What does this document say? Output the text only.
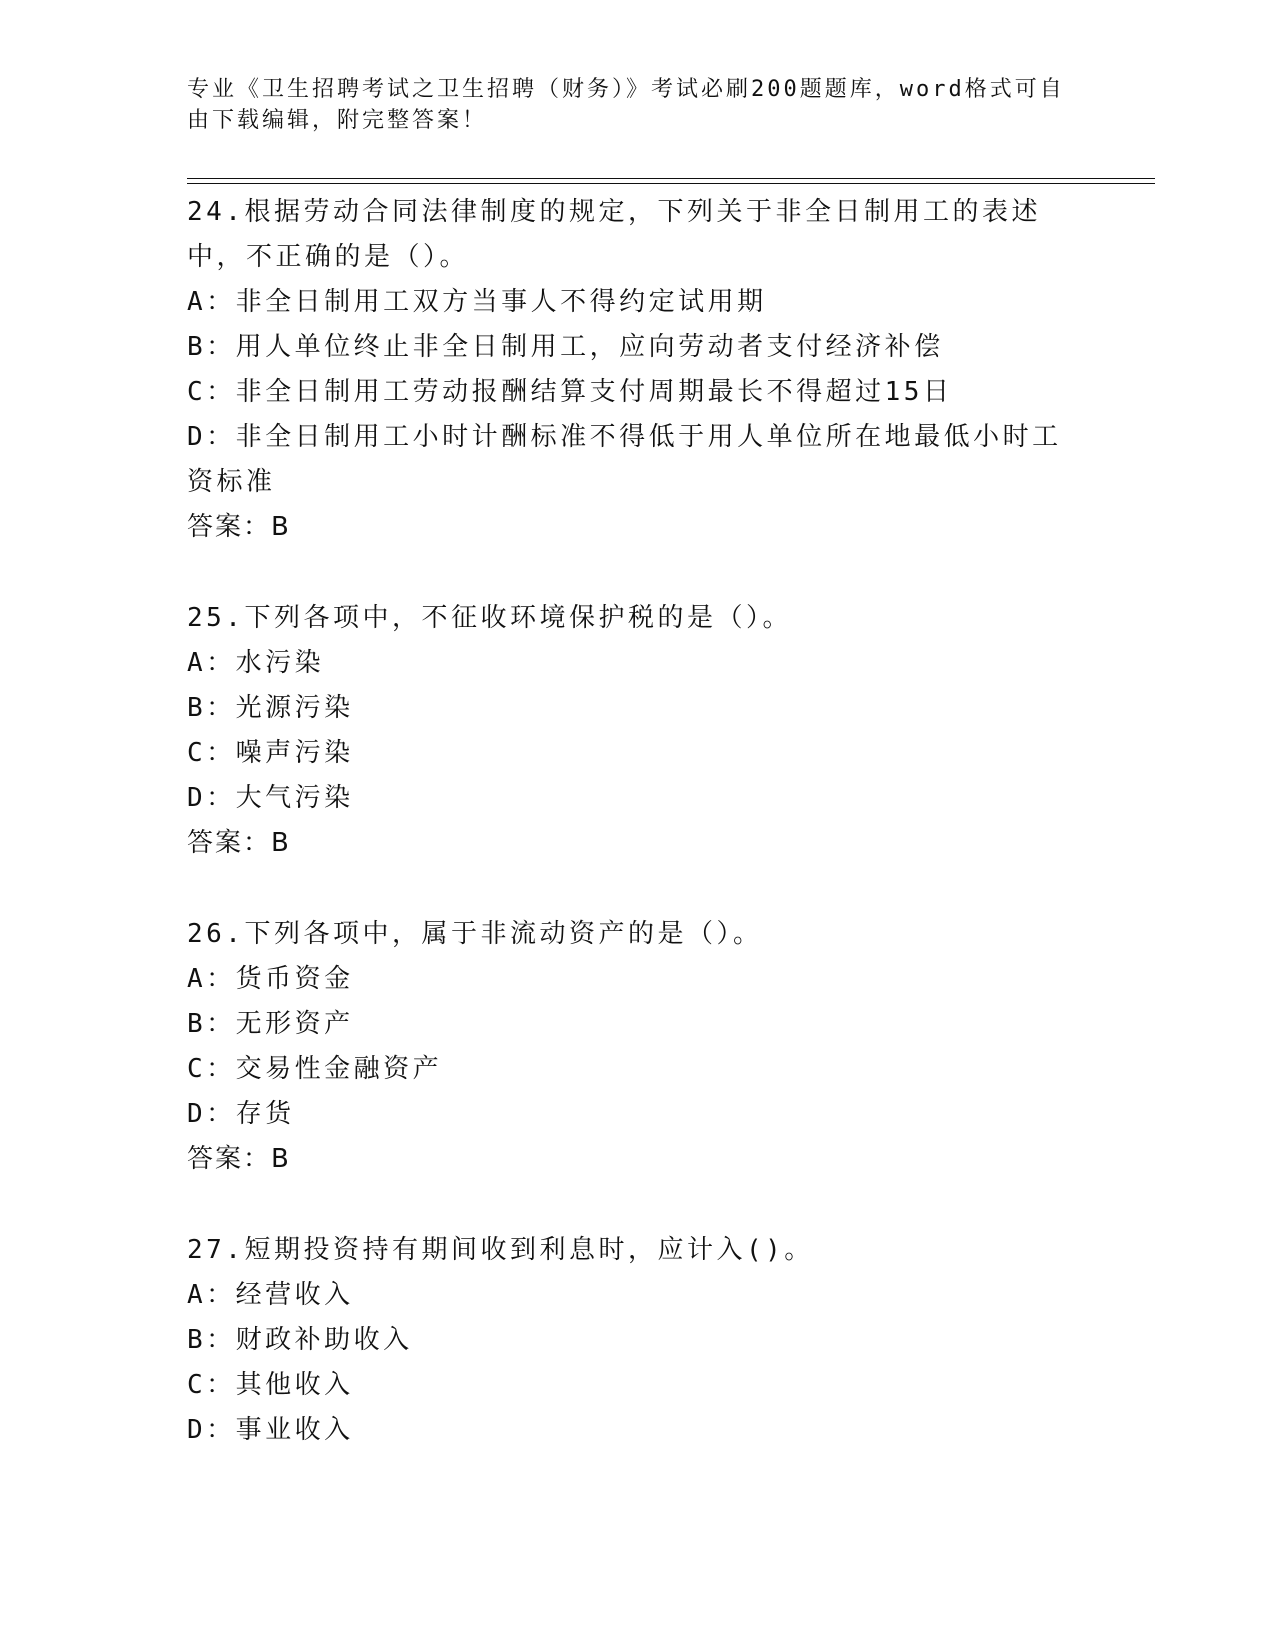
专业《卫生招聘考试之卫生招聘（财务）》考试必刷200题题库，word格式可自由下载编辑，附完整答案！

24.根据劳动合同法律制度的规定，下列关于非全日制用工的表述中，不正确的是（）。

A：非全日制用工双方当事人不得约定试用期

B：用人单位终止非全日制用工，应向劳动者支付经济补偿

C：非全日制用工劳动报酬结算支付周期最长不得超过15日

D：非全日制用工小时计酬标准不得低于用人单位所在地最低小时工资标准

答案：B

25.下列各项中，不征收环境保护税的是（）。

A：水污染

B：光源污染

C：噪声污染

D：大气污染

答案：B

26.下列各项中，属于非流动资产的是（）。

A：货币资金

B：无形资产

C：交易性金融资产

D：存货

答案：B

27.短期投资持有期间收到利息时，应计入()。

A：经营收入

B：财政补助收入

C：其他收入

D：事业收入
